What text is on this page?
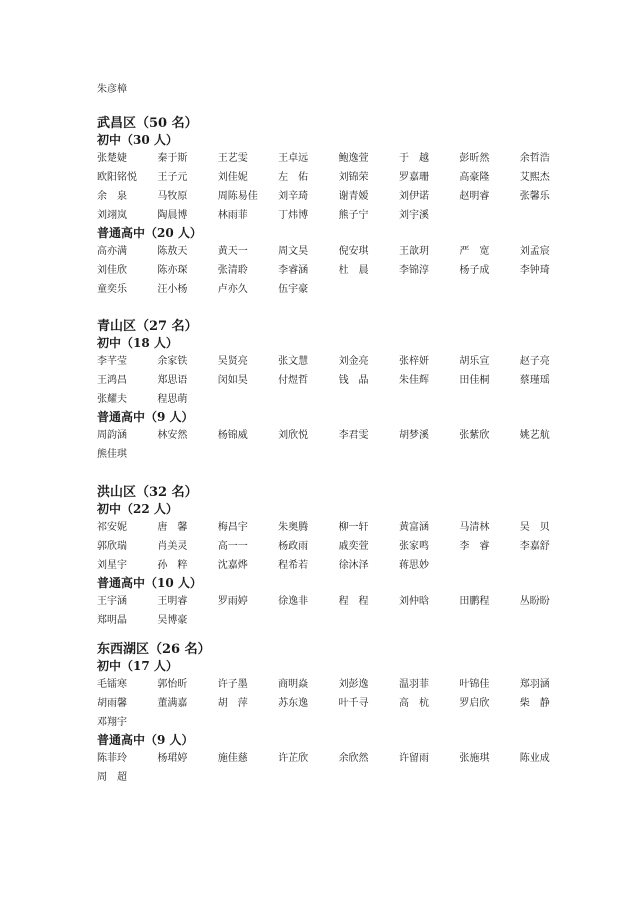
朱彦樟
武昌区（50 名）
初中（30 人）
张楚婕	秦于斯	王艺雯	王卓远	鲍逸萱	于　越	彭昕然	余哲浩
欧阳铭悦	王子元	刘佳妮	左　佑	刘锦荣	罗嘉珊	高豪隆	艾熙杰
余　泉	马牧原	周陈易佳	刘辛琦	谢青嫒	刘伊诺	赵明睿	张馨乐
刘翊岚	陶晨博	林雨菲	丁炜博	熊子宁	刘宇溪
普通高中（20 人）
高亦满	陈敖天	黄天一	周文昊	倪安琪	王歆玥	严　宽	刘孟宸
刘佳欣	陈亦琛	张清聆	李睿涵	杜　晨	李锦淳	杨子成	李钟琦
童奕乐	汪小杨	卢亦久	伍宇豪
青山区（27 名）
初中（18 人）
李芊莹	余家铁	吴贤亮	张文慧	刘金亮	张梓妍	胡乐宣	赵子亮
王鸿昌	郑思语	闵如昊	付煜哲	钱　晶	朱佳辉	田佳桐	蔡瑾瑶
张耀夫	程思萌
普通高中（9 人）
周韵涵	林安然	杨锦威	刘欣悦	李君雯	胡梦溪	张紫欣	姚艺航
熊佳琪
洪山区（32 名）
初中（22 人）
祁安妮	唐　馨	梅昌宇	朱奥腾	柳一轩	黄富涵	马清林	吴　贝
郭欣瑞	肖美灵	高一一	杨政雨	戚奕萱	张家鸣	李　睿	李嘉舒
刘星宇	孙　粹	沈嘉烨	程希若	徐沐泽	蒋思妙
普通高中（10 人）
王宇涵	王明睿	罗雨婷	徐逸非	程　程	刘仲晗	田鹏程	丛盼盼
郑明晶	吴博豪
东西湖区（26 名）
初中（17 人）
毛镭寒	郭怡昕	许子墨	商明焱	刘彭逸	温羽菲	叶锦佳	郑羽涵
胡雨馨	董满嘉	胡　萍	苏东逸	叶千寻	高　杭	罗启欣	柴　静
邓翔宇
普通高中（9 人）
陈菲玲	杨珺婷	施佳慈	许芷欣	余欣然	许留雨	张施琪	陈业成
周　超
